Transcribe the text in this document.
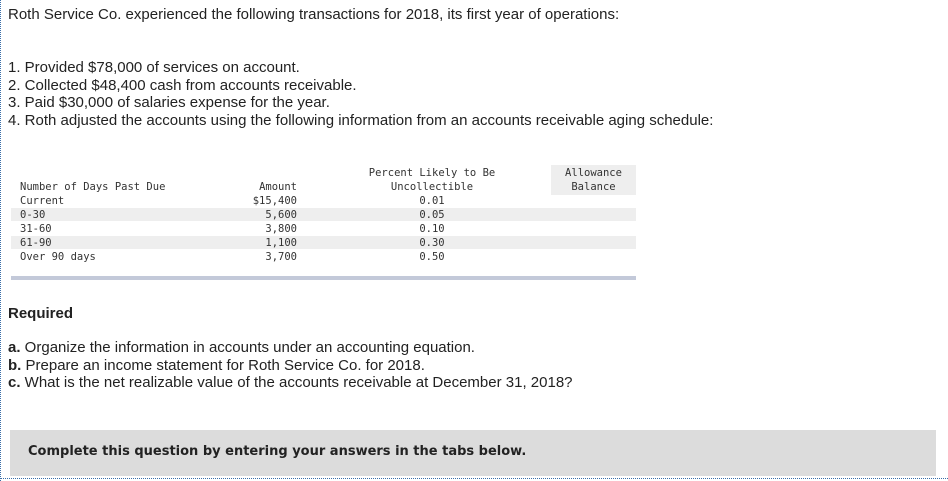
Roth Service Co. experienced the following transactions for 2018, its first year of operations:

1. Provided $78,000 of services on account.
2. Collected $48,400 cash from accounts receivable.
3. Paid $30,000 of salaries expense for the year.
4. Roth adjusted the accounts using the following information from an accounts receivable aging schedule:
Percent Likely to Be	Allowance
Number of Days Past Due	Amount	Uncollectible	Balance
Current	$15,400	0.01
0-30	5,600	0.05
31-60	3,800	0.10
61-90	1,100	0.30
Over 90 days	3,700	0.50

Required

a. Organize the information in accounts under an accounting equation.
b. Prepare an income statement for Roth Service Co. for 2018.
c. What is the net realizable value of the accounts receivable at December 31, 2018?
Complete this question by entering your answers in the tabs below.
